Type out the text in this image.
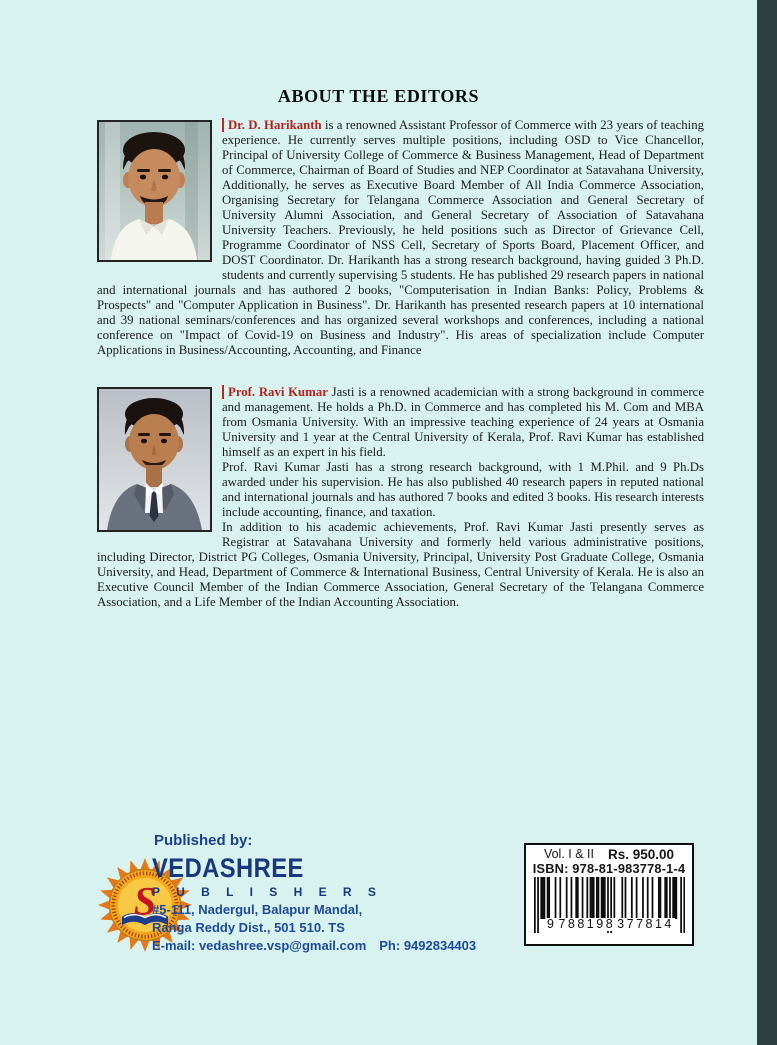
ABOUT THE EDITORS

Dr. D. Harikanth is a renowned Assistant Professor of Commerce with 23 years of teaching experience. He currently serves multiple positions, including OSD to Vice Chancellor, Principal of University College of Commerce & Business Management, Head of Department of Commerce, Chairman of Board of Studies and NEP Coordinator at Satavahana University, Additionally, he serves as Executive Board Member of All India Commerce Association, Organising Secretary for Telangana Commerce Association and General Secretary of University Alumni Association, and General Secretary of Association of Satavahana University Teachers. Previously, he held positions such as Director of Grievance Cell, Programme Coordinator of NSS Cell, Secretary of Sports Board, Placement Officer, and DOST Coordinator. Dr. Harikanth has a strong research background, having guided 3 Ph.D. students and currently supervising 5 students. He has published 29 research papers in national and international journals and has authored 2 books, "Computerisation in Indian Banks: Policy, Problems & Prospects" and "Computer Application in Business". Dr. Harikanth has presented research papers at 10 international and 39 national seminars/conferences and has organized several workshops and conferences, including a national conference on "Impact of Covid-19 on Business and Industry". His areas of specialization include Computer Applications in Business/Accounting, Accounting, and Finance

Prof. Ravi Kumar Jasti is a renowned academician with a strong background in commerce and management. He holds a Ph.D. in Commerce and has completed his M. Com and MBA from Osmania University. With an impressive teaching experience of 24 years at Osmania University and 1 year at the Central University of Kerala, Prof. Ravi Kumar has established himself as an expert in his field.

Prof. Ravi Kumar Jasti has a strong research background, with 1 M.Phil. and 9 Ph.Ds awarded under his supervision. He has also published 40 research papers in reputed national and international journals and has authored 7 books and edited 3 books. His research interests include accounting, finance, and taxation.

In addition to his academic achievements, Prof. Ravi Kumar Jasti presently serves as Registrar at Satavahana University and formerly held various administrative positions, including Director, District PG Colleges, Osmania University, Principal, University Post Graduate College, Osmania University, and Head, Department of Commerce & International Business, Central University of Kerala. He is also an Executive Council Member of the Indian Commerce Association, General Secretary of the Telangana Commerce Association, and a Life Member of the Indian Accounting Association.

S
Published by:
VEDASHREE
P U B L I S H E R S
#5-111, Nadergul, Balapur Mandal,
Ranga Reddy Dist., 501 510. TS
E-mail: vedashree.vsp@gmail.com Ph: 9492834403
Vol. I & II Rs. 950.00
ISBN: 978-81-983778-1-4
9 788198 377814
